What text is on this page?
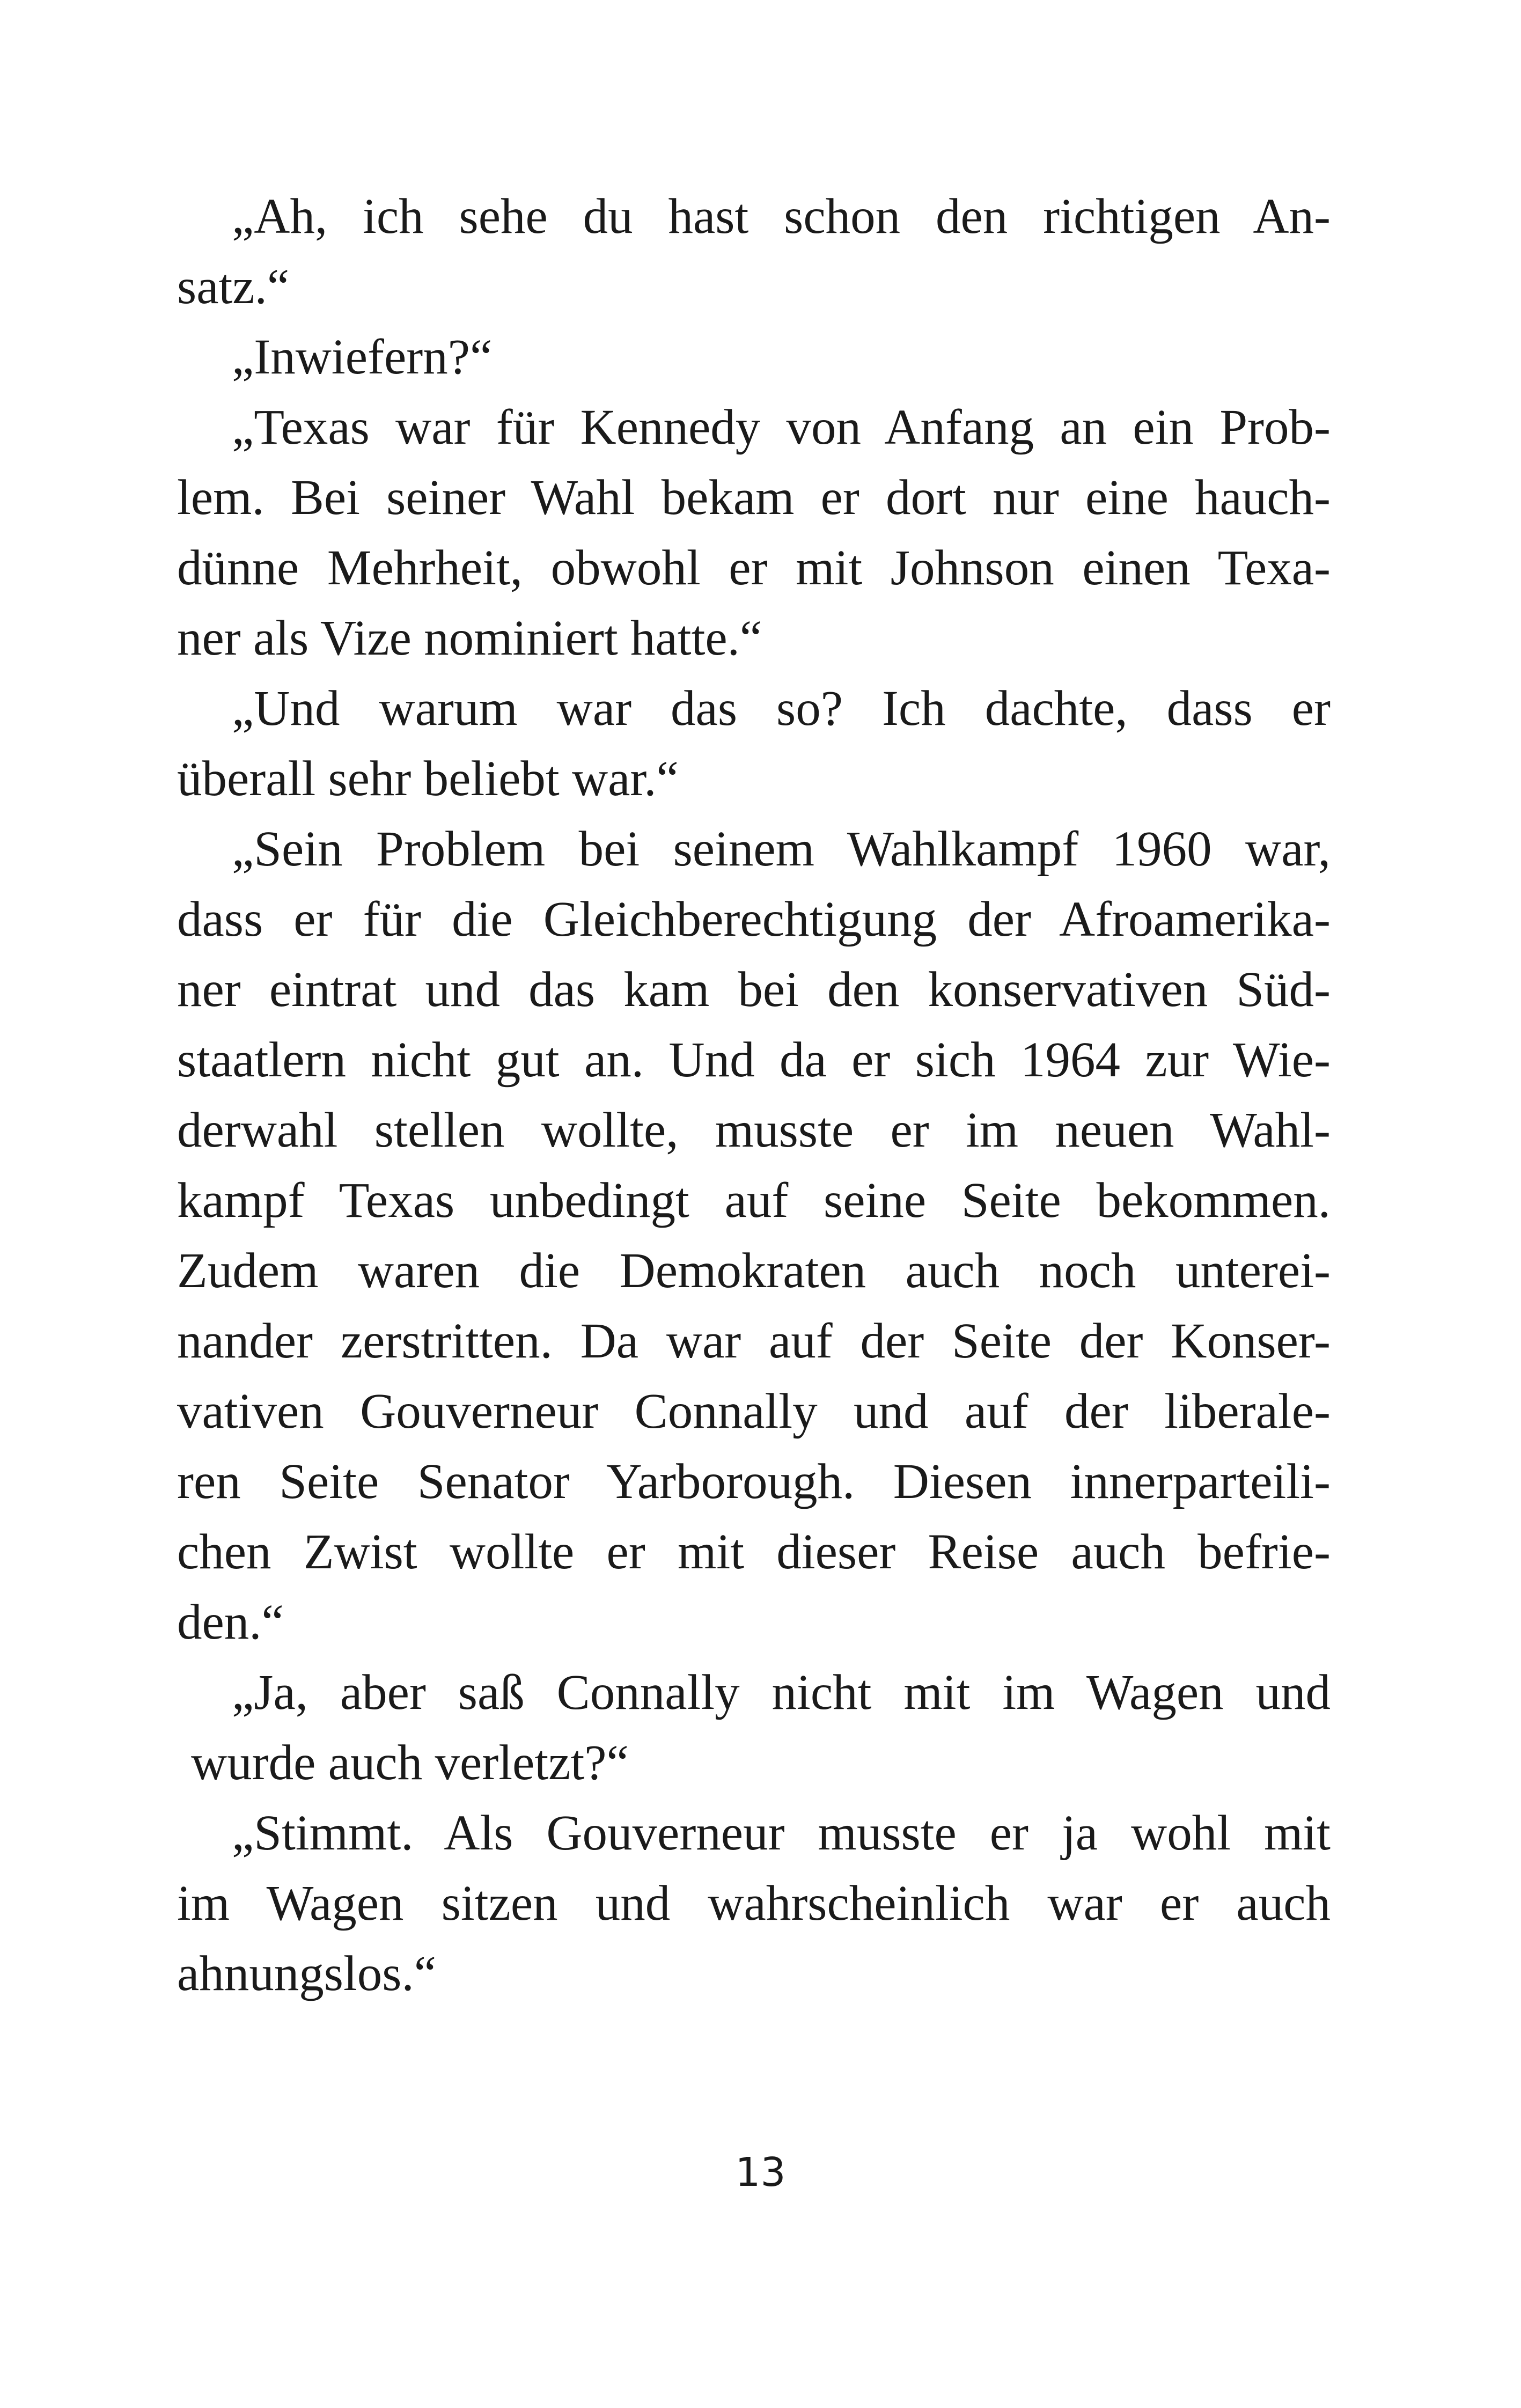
„Ah, ich sehe du hast schon den richtigen An-
satz.“
„Inwiefern?“
„Texas war für Kennedy von Anfang an ein Prob-
lem. Bei seiner Wahl bekam er dort nur eine hauch-
dünne Mehrheit, obwohl er mit Johnson einen Texa-
ner als Vize nominiert hatte.“
„Und warum war das so? Ich dachte, dass er
überall sehr beliebt war.“
„Sein Problem bei seinem Wahlkampf 1960 war,
dass er für die Gleichberechtigung der Afroamerika-
ner eintrat und das kam bei den konservativen Süd-
staatlern nicht gut an. Und da er sich 1964 zur Wie-
derwahl stellen wollte, musste er im neuen Wahl-
kampf Texas unbedingt auf seine Seite bekommen.
Zudem waren die Demokraten auch noch unterei-
nander zerstritten. Da war auf der Seite der Konser-
vativen Gouverneur Connally und auf der liberale-
ren Seite Senator Yarborough. Diesen innerparteili-
chen Zwist wollte er mit dieser Reise auch befrie-
den.“
„Ja, aber saß Connally nicht mit im Wagen und
wurde auch verletzt?“
„Stimmt. Als Gouverneur musste er ja wohl mit
im Wagen sitzen und wahrscheinlich war er auch
ahnungslos.“
13
